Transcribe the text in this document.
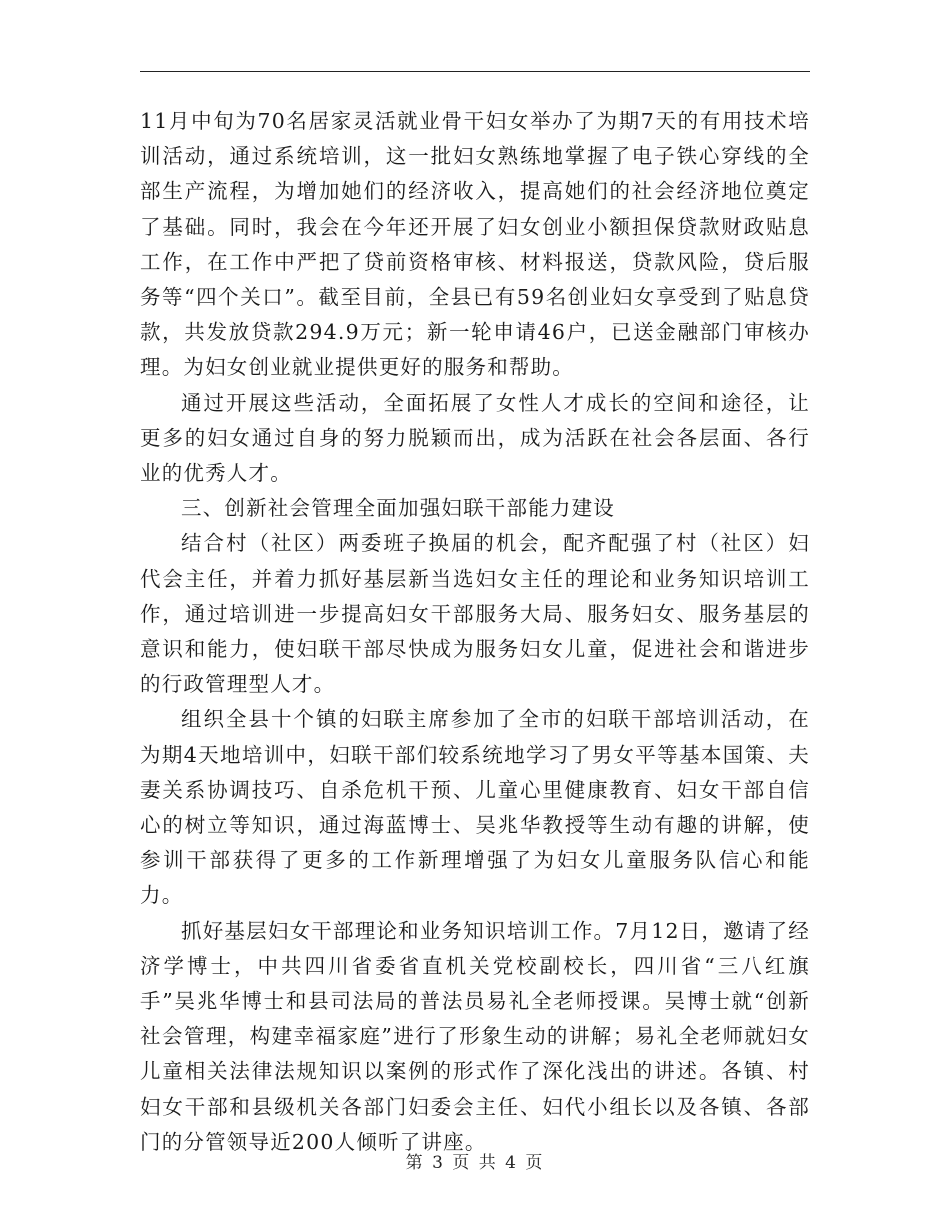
11月中旬为70名居家灵活就业骨干妇女举办了为期7天的有用技术培训活动，通过系统培训，这一批妇女熟练地掌握了电子铁心穿线的全部生产流程，为增加她们的经济收入，提高她们的社会经济地位奠定了基础。同时，我会在今年还开展了妇女创业小额担保贷款财政贴息工作，在工作中严把了贷前资格审核、材料报送，贷款风险，贷后服务等“四个关口”。截至目前，全县已有59名创业妇女享受到了贴息贷款，共发放贷款294.9万元；新一轮申请46户，已送金融部门审核办理。为妇女创业就业提供更好的服务和帮助。

通过开展这些活动，全面拓展了女性人才成长的空间和途径，让更多的妇女通过自身的努力脱颖而出，成为活跃在社会各层面、各行业的优秀人才。

三、创新社会管理全面加强妇联干部能力建设

结合村（社区）两委班子换届的机会，配齐配强了村（社区）妇代会主任，并着力抓好基层新当选妇女主任的理论和业务知识培训工作，通过培训进一步提高妇女干部服务大局、服务妇女、服务基层的意识和能力，使妇联干部尽快成为服务妇女儿童，促进社会和谐进步的行政管理型人才。

组织全县十个镇的妇联主席参加了全市的妇联干部培训活动，在为期4天地培训中，妇联干部们较系统地学习了男女平等基本国策、夫妻关系协调技巧、自杀危机干预、儿童心里健康教育、妇女干部自信心的树立等知识，通过海蓝博士、吴兆华教授等生动有趣的讲解，使参训干部获得了更多的工作新理增强了为妇女儿童服务队信心和能力。

抓好基层妇女干部理论和业务知识培训工作。7月12日，邀请了经济学博士，中共四川省委省直机关党校副校长，四川省“三八红旗手”吴兆华博士和县司法局的普法员易礼全老师授课。吴博士就“创新社会管理，构建幸福家庭”进行了形象生动的讲解；易礼全老师就妇女儿童相关法律法规知识以案例的形式作了深化浅出的讲述。各镇、村妇女干部和县级机关各部门妇委会主任、妇代小组长以及各镇、各部门的分管领导近200人倾听了讲座。

第 3 页 共 4 页
